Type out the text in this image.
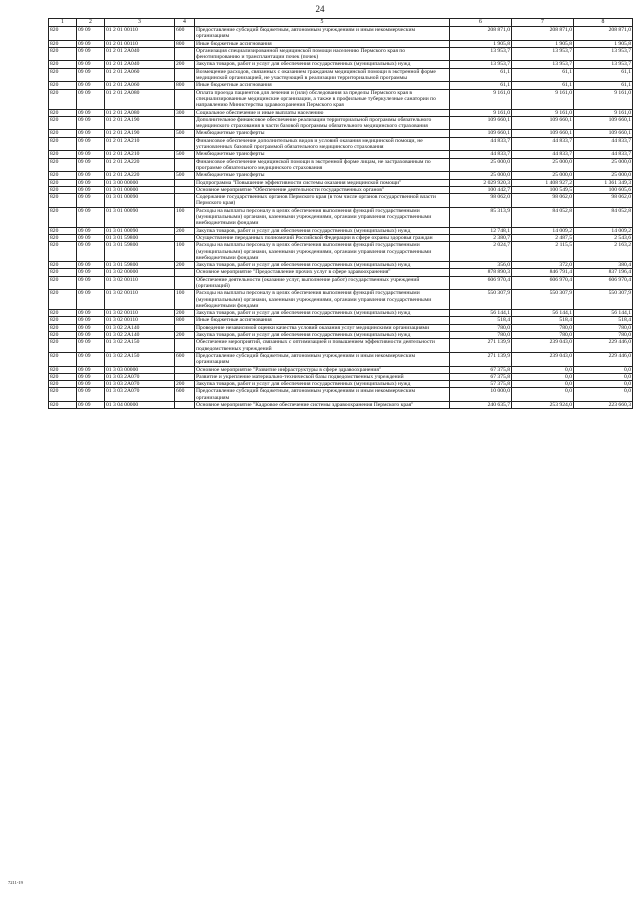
24
1	2	3	4	5	6	7	8
820	09 09	01 2 01 00110	600	Предоставление субсидий бюджетным, автономным учреждениям и иным некоммерческим организациям	208 871,0	208 871,0	208 871,0
820	09 09	01 2 01 00110	800	Иные бюджетные ассигнования	1 905,8	1 905,8	1 905,8
820	09 09	01 2 01 2A040		Организация специализированной медицинской помощи населению Пермского края по фенотипированию и трансплантации почек (почек)	13 953,7	13 953,7	13 953,7
820	09 09	01 2 01 2A040	200	Закупка товаров, работ и услуг для обеспечения государственных (муниципальных) нужд	13 953,7	13 953,7	13 953,7
820	09 09	01 2 01 2A060		Возмещение расходов, связанных с оказанием гражданам медицинской помощи в экстренной форме медицинской организацией, не участвующей в реализации территориальной программы	61,1	61,1	61,1
820	09 09	01 2 01 2A060	800	Иные бюджетные ассигнования	61,1	61,1	61,1
820	09 09	01 2 01 2A080		Оплата проезда пациентов для лечения и (или) обследования за пределы Пермского края в специализированные медицинские организации, а также в профильные туберкулезные санатории по направлению Министерства здравоохранения Пермского края	9 161,0	9 161,0	9 161,0
820	09 09	01 2 01 2A080	300	Социальное обеспечение и иные выплаты населению	9 161,0	9 161,0	9 161,0
820	09 09	01 2 01 2A190		Дополнительное финансовое обеспечение реализации территориальной программы обязательного медицинского страхования в части базовой программы обязательного медицинского страхования	109 660,1	109 660,1	109 660,1
820	09 09	01 2 01 2A190	500	Межбюджетные трансферты	109 660,1	109 660,1	109 660,1
820	09 09	01 2 01 2A210		Финансовое обеспечение дополнительных видов и условий оказания медицинской помощи, не установленных базовой программой обязательного медицинского страхования	44 833,7	44 833,7	44 833,7
820	09 09	01 2 01 2A210	500	Межбюджетные трансферты	44 833,7	44 833,7	44 833,7
820	09 09	01 2 01 2A220		Финансовое обеспечение медицинской помощи в экстренной форме лицам, не застрахованным по программе обязательного медицинского страхования	25 000,0	25 000,0	25 000,0
820	09 09	01 2 01 2A220	500	Межбюджетные трансферты	25 000,0	25 000,0	25 000,0
820	09 09	01 3 00 00000		Подпрограмма "Повышение эффективности системы оказания медицинской помощи"	2 029 920,3	1 408 927,2	1 361 349,3
820	09 09	01 3 01 00000		Основное мероприятие "Обеспечение деятельности государственных органов"	100 442,7	100 549,5	100 605,6
820	09 09	01 3 01 00090		Содержание государственных органов Пермского края (в том числе органов государственной власти Пермского края)	98 062,0	98 062,0	98 062,0
820	09 09	01 3 01 00090	100	Расходы на выплаты персоналу в целях обеспечения выполнения функций государственными (муниципальными) органами, казенными учреждениями, органами управления государственными внебюджетными фондами	85 313,9	84 052,8	84 052,8
820	09 09	01 3 01 00090	200	Закупка товаров, работ и услуг для обеспечения государственных (муниципальных) нужд	12 748,1	14 009,2	14 009,2
820	09 09	01 3 01 59800		Осуществление переданных полномочий Российской Федерации в сфере охраны здоровья граждан	2 380,7	2 487,5	2 543,6
820	09 09	01 3 01 59800	100	Расходы на выплаты персоналу в целях обеспечения выполнения функций государственными (муниципальными) органами, казенными учреждениями, органами управления государственными внебюджетными фондами	2 024,7	2 115,5	2 163,2
820	09 09	01 3 01 59800	200	Закупка товаров, работ и услуг для обеспечения государственных (муниципальных) нужд	356,0	372,0	380,4
820	09 09	01 3 02 00000		Основное мероприятие "Предоставление прочих услуг в сфере здравоохранения"	878 890,3	846 791,4	837 196,4
820	09 09	01 3 02 00110		Обеспечение деятельности (оказание услуг, выполнение работ) государственных учреждений (организаций)	606 970,4	606 970,4	606 970,4
820	09 09	01 3 02 00110	100	Расходы на выплаты персоналу в целях обеспечения выполнения функций государственными (муниципальными) органами, казенными учреждениями, органами управления государственными внебюджетными фондами	550 307,9	550 307,9	550 307,9
820	09 09	01 3 02 00110	200	Закупка товаров, работ и услуг для обеспечения государственных (муниципальных) нужд	56 144,1	56 144,1	56 144,1
820	09 09	01 3 02 00110	800	Иные бюджетные ассигнования	518,4	518,4	518,4
820	09 09	01 3 02 2A140		Проведение независимой оценки качества условий оказания услуг медицинскими организациями	780,0	780,0	780,0
820	09 09	01 3 02 2A140	200	Закупка товаров, работ и услуг для обеспечения государственных (муниципальных) нужд	780,0	780,0	780,0
820	09 09	01 3 02 2A150		Обеспечение мероприятий, связанных с оптимизацией и повышением эффективности деятельности подведомственных учреждений	271 139,9	239 043,0	229 446,0
820	09 09	01 3 02 2A150	600	Предоставление субсидий бюджетным, автономным учреждениям и иным некоммерческим организациям	271 139,9	239 043,0	229 446,0
820	09 09	01 3 03 00000		Основное мероприятие "Развитие инфраструктуры в сфере здравоохранения"	67 375,8	0,0	0,0
820	09 09	01 3 03 2A070		Развитие и укрепление материально-технической базы подведомственных учреждений	67 375,8	0,0	0,0
820	09 09	01 3 03 2A070	200	Закупка товаров, работ и услуг для обеспечения государственных (муниципальных) нужд	57 375,8	0,0	0,0
820	09 09	01 3 03 2A070	600	Предоставление субсидий бюджетным, автономным учреждениям и иным некоммерческим организациям	10 000,0	0,0	0,0
820	09 09	01 3 04 00000		Основное мероприятие "Кадровое обеспечение системы здравоохранения Пермского края"	240 635,7	253 924,0	223 660,3
7211-19
